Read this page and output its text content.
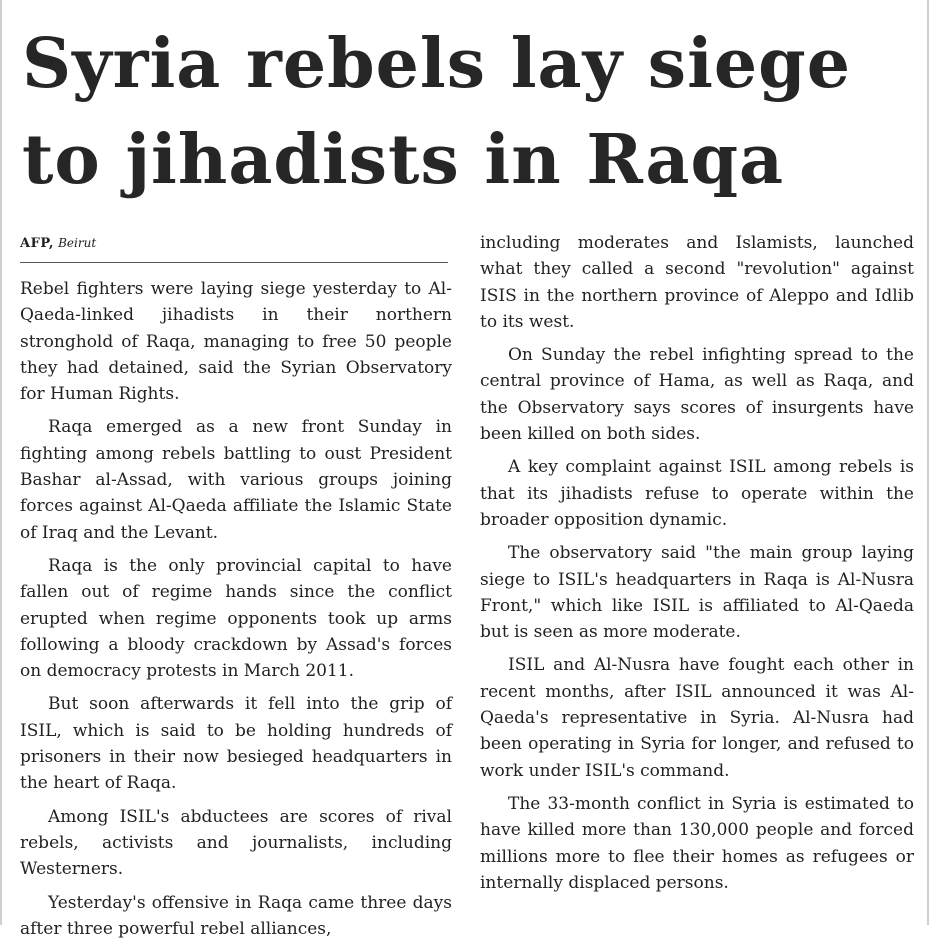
Syria rebels lay siege to jihadists in Raqa
AFP, Beirut

Rebel fighters were laying siege yesterday to Al-Qaeda-linked jihadists in their northern stronghold of Raqa, managing to free 50 people they had detained, said the Syrian Observatory for Human Rights.

Raqa emerged as a new front Sunday in fighting among rebels battling to oust President Bashar al-Assad, with various groups joining forces against Al-Qaeda affiliate the Islamic State of Iraq and the Levant.

Raqa is the only provincial capital to have fallen out of regime hands since the conflict erupted when regime opponents took up arms following a bloody crackdown by Assad's forces on democracy protests in March 2011.

But soon afterwards it fell into the grip of ISIL, which is said to be holding hundreds of prisoners in their now besieged headquarters in the heart of Raqa.

Among ISIL's abductees are scores of rival rebels, activists and journalists, including Westerners.

Yesterday's offensive in Raqa came three days after three powerful rebel alliances,

including moderates and Islamists, launched what they called a second "revolution" against ISIS in the northern province of Aleppo and Idlib to its west.

On Sunday the rebel infighting spread to the central province of Hama, as well as Raqa, and the Observatory says scores of insurgents have been killed on both sides.

A key complaint against ISIL among rebels is that its jihadists refuse to operate within the broader opposition dynamic.

The observatory said "the main group laying siege to ISIL's headquarters in Raqa is Al-Nusra Front," which like ISIL is affiliated to Al-Qaeda but is seen as more moderate.

ISIL and Al-Nusra have fought each other in recent months, after ISIL announced it was Al-Qaeda's representative in Syria. Al-Nusra had been operating in Syria for longer, and refused to work under ISIL's command.

The 33-month conflict in Syria is estimated to have killed more than 130,000 people and forced millions more to flee their homes as refugees or internally displaced persons.
